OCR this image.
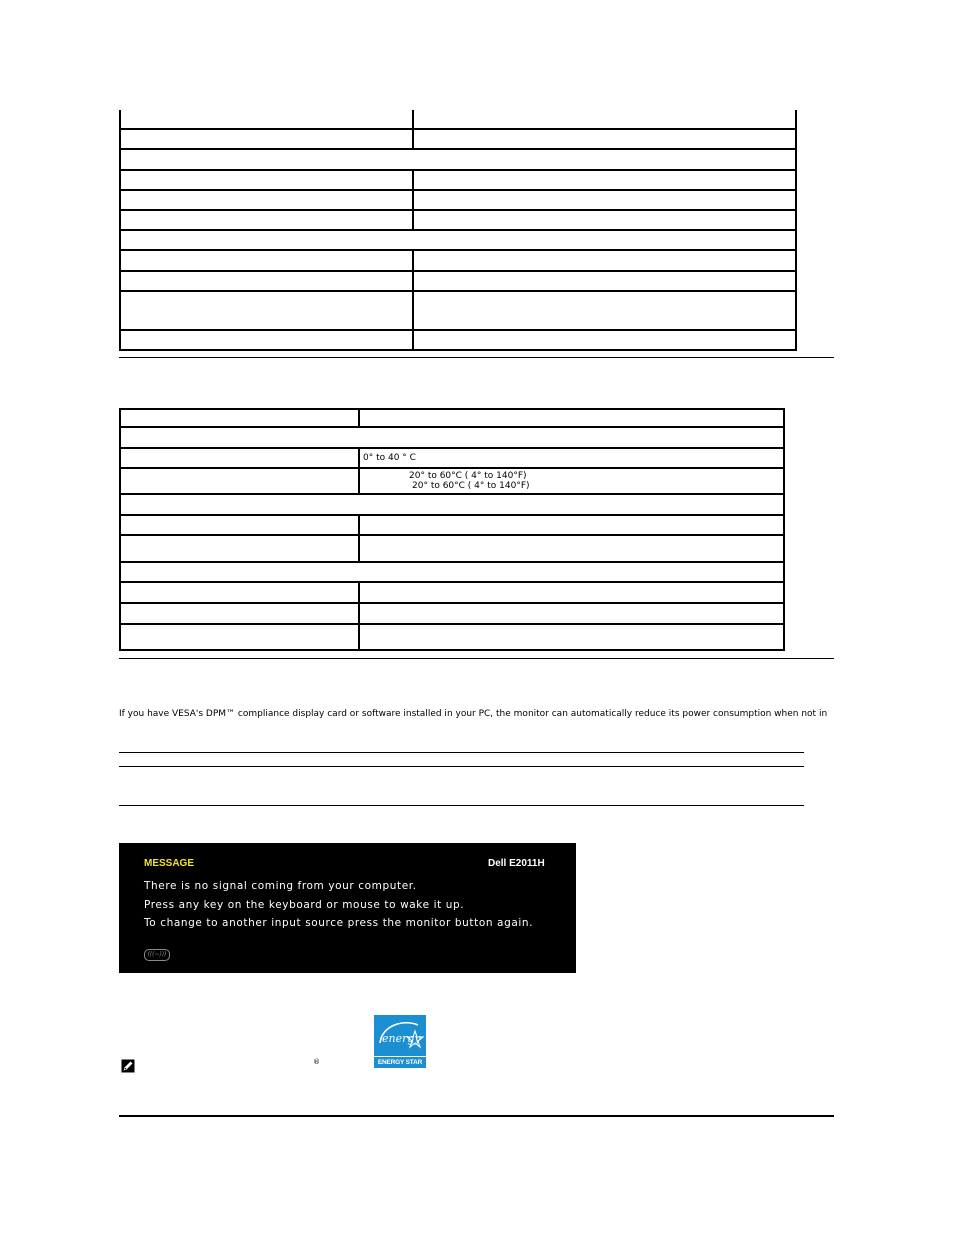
	0° to 40 ° C

	20° to 60°C ( 4° to 140°F)
20° to 60°C ( 4° to 140°F)

If you have VESA's DPM™ compliance display card or software installed in your PC, the monitor can automatically reduce its power consumption when not in
MESSAGE	Dell E2011H
There is no signal coming from your computer.
Press any key on the keyboard or mouse to wake it up.
To change to another input source press the monitor button again.
(((~)))
®
energy
ENERGY STAR
